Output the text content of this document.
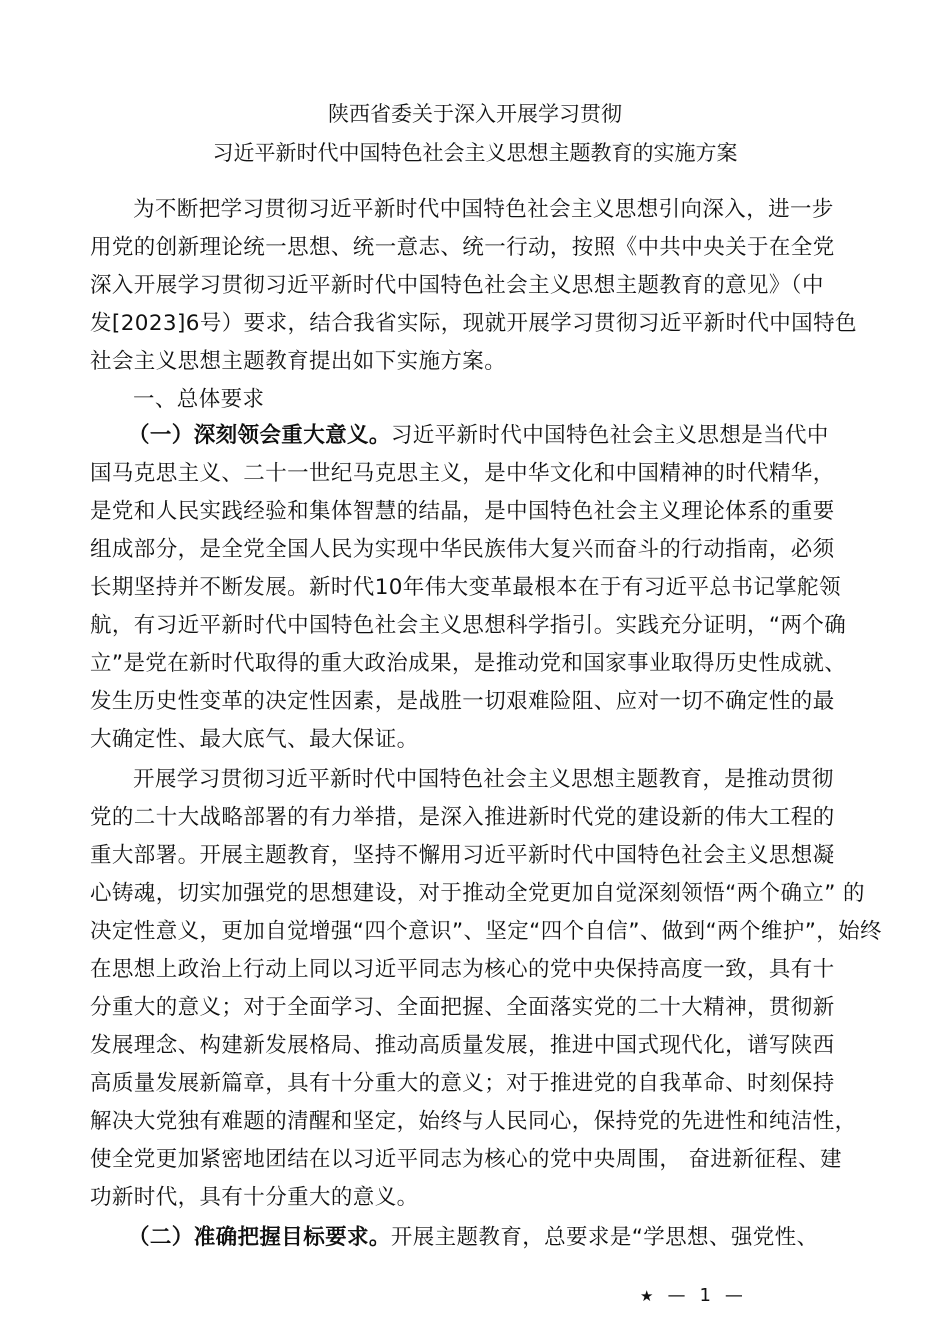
陕西省委关于深入开展学习贯彻
习近平新时代中国特色社会主义思想主题教育的实施方案
为不断把学习贯彻习近平新时代中国特色社会主义思想引向深入，进一步
用党的创新理论统一思想、统一意志、统一行动，按照《中共中央关于在全党
深入开展学习贯彻习近平新时代中国特色社会主义思想主题教育的意见》（中
发[2023]6号）要求，结合我省实际，现就开展学习贯彻习近平新时代中国特色
社会主义思想主题教育提出如下实施方案。
一、总体要求
（一）深刻领会重大意义。习近平新时代中国特色社会主义思想是当代中
国马克思主义、二十一世纪马克思主义，是中华文化和中国精神的时代精华，
是党和人民实践经验和集体智慧的结晶，是中国特色社会主义理论体系的重要
组成部分，是全党全国人民为实现中华民族伟大复兴而奋斗的行动指南，必须
长期坚持并不断发展。新时代10年伟大变革最根本在于有习近平总书记掌舵领
航，有习近平新时代中国特色社会主义思想科学指引。实践充分证明，“两个确
立”是党在新时代取得的重大政治成果，是推动党和国家事业取得历史性成就、
发生历史性变革的决定性因素，是战胜一切艰难险阻、应对一切不确定性的最
大确定性、最大底气、最大保证。
开展学习贯彻习近平新时代中国特色社会主义思想主题教育，是推动贯彻
党的二十大战略部署的有力举措，是深入推进新时代党的建设新的伟大工程的
重大部署。开展主题教育，坚持不懈用习近平新时代中国特色社会主义思想凝
心铸魂，切实加强党的思想建设，对于推动全党更加自觉深刻领悟“两个确立” 的
决定性意义，更加自觉增强“四个意识”、坚定“四个自信”、做到“两个维护”，始终
在思想上政治上行动上同以习近平同志为核心的党中央保持高度一致，具有十
分重大的意义；对于全面学习、全面把握、全面落实党的二十大精神，贯彻新
发展理念、构建新发展格局、推动高质量发展，推进中国式现代化，谱写陕西
高质量发展新篇章，具有十分重大的意义；对于推进党的自我革命、时刻保持
解决大党独有难题的清醒和坚定，始终与人民同心，保持党的先进性和纯洁性，
使全党更加紧密地团结在以习近平同志为核心的党中央周围， 奋进新征程、建
功新时代，具有十分重大的意义。
（二）准确把握目标要求。开展主题教育，总要求是“学思想、强党性、
★ — 1 —
